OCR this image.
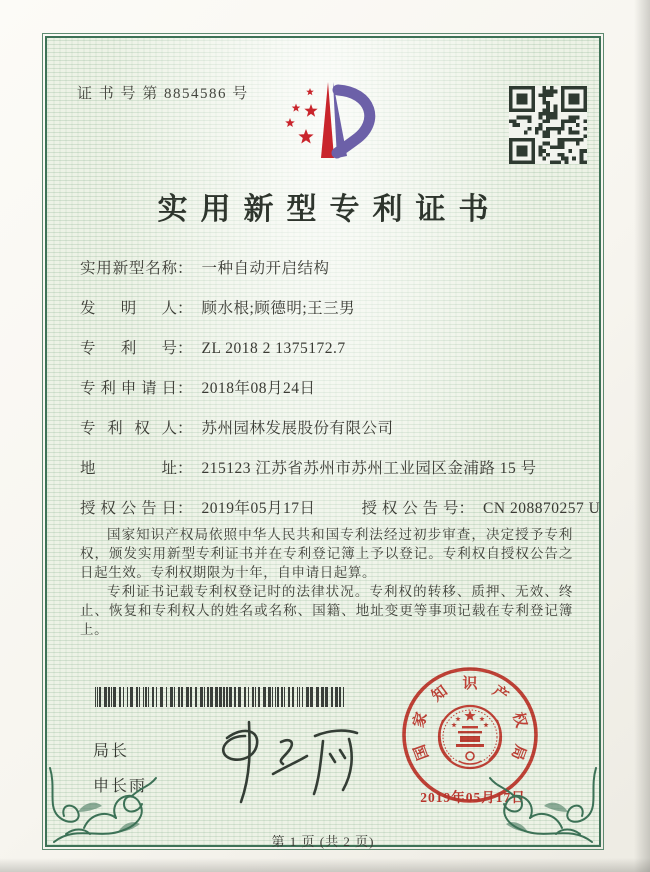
证 书 号 第 8854586 号
实用新型专利证书
实用新型名称 ： 一种自动开启结构
发明人 ： 顾水根;顾德明;王三男
专利号 ： ZL 2018 2 1375172.7
专利申请日 ： 2018年08月24日
专利权人 ： 苏州园林发展股份有限公司
地址 ： 215123 江苏省苏州市苏州工业园区金浦路 15 号
授权公告日 ： 2019年05月17日	授权公告号 ： CN 208870257 U

国家知识产权局依照中华人民共和国专利法经过初步审查，决定授予专利权，颁发实用新型专利证书并在专利登记簿上予以登记。专利权自授权公告之日起生效。专利权期限为十年，自申请日起算。

专利证书记载专利权登记时的法律状况。专利权的转移、质押、无效、终止、恢复和专利权人的姓名或名称、国籍、地址变更等事项记载在专利登记簿上。

局长
申长雨
国
家
知 识 产
权
局
2019年05月17日
第 1 页 (共 2 页)
